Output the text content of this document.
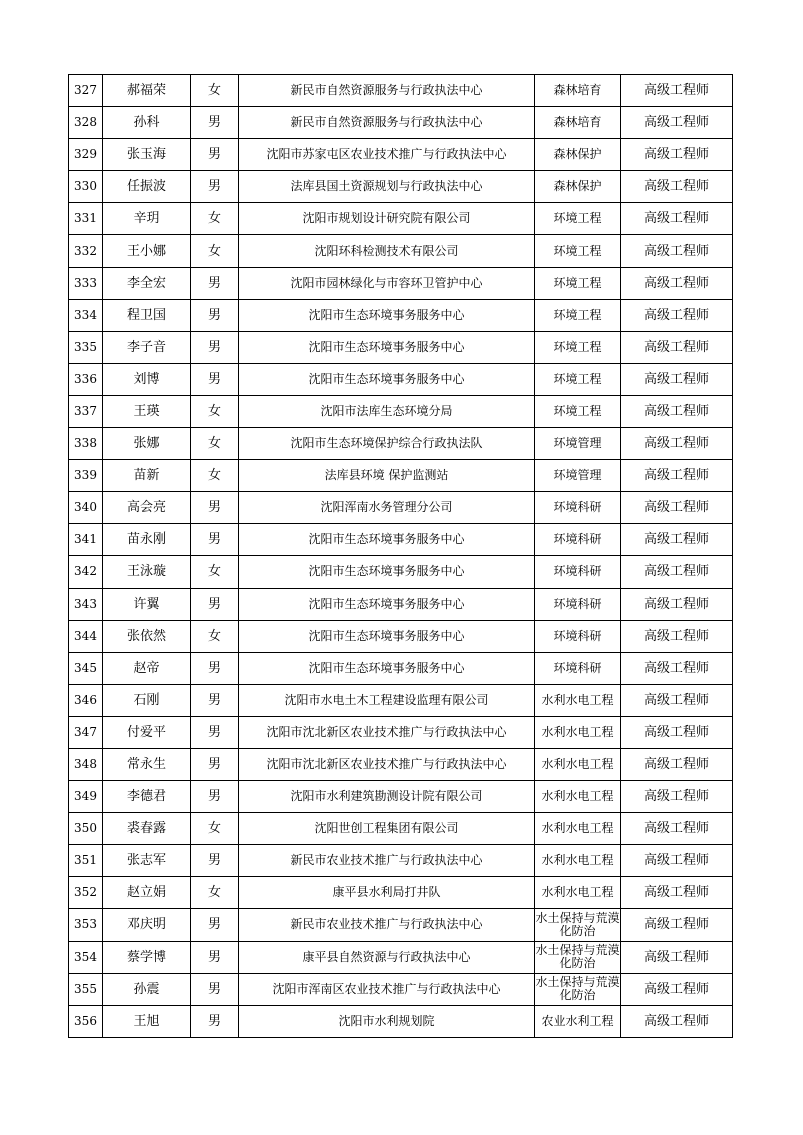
327	郝福荣	女	新民市自然资源服务与行政执法中心	森林培育	高级工程师
328	孙科	男	新民市自然资源服务与行政执法中心	森林培育	高级工程师
329	张玉海	男	沈阳市苏家屯区农业技术推广与行政执法中心	森林保护	高级工程师
330	任振波	男	法库县国土资源规划与行政执法中心	森林保护	高级工程师
331	辛玥	女	沈阳市规划设计研究院有限公司	环境工程	高级工程师
332	王小娜	女	沈阳环科检测技术有限公司	环境工程	高级工程师
333	李全宏	男	沈阳市园林绿化与市容环卫管护中心	环境工程	高级工程师
334	程卫国	男	沈阳市生态环境事务服务中心	环境工程	高级工程师
335	李子音	男	沈阳市生态环境事务服务中心	环境工程	高级工程师
336	刘博	男	沈阳市生态环境事务服务中心	环境工程	高级工程师
337	王瑛	女	沈阳市法库生态环境分局	环境工程	高级工程师
338	张娜	女	沈阳市生态环境保护综合行政执法队	环境管理	高级工程师
339	苗新	女	法库县环境 保护监测站	环境管理	高级工程师
340	高会亮	男	沈阳浑南水务管理分公司	环境科研	高级工程师
341	苗永刚	男	沈阳市生态环境事务服务中心	环境科研	高级工程师
342	王泳璇	女	沈阳市生态环境事务服务中心	环境科研	高级工程师
343	许翼	男	沈阳市生态环境事务服务中心	环境科研	高级工程师
344	张依然	女	沈阳市生态环境事务服务中心	环境科研	高级工程师
345	赵帝	男	沈阳市生态环境事务服务中心	环境科研	高级工程师
346	石刚	男	沈阳市水电土木工程建设监理有限公司	水利水电工程	高级工程师
347	付爱平	男	沈阳市沈北新区农业技术推广与行政执法中心	水利水电工程	高级工程师
348	常永生	男	沈阳市沈北新区农业技术推广与行政执法中心	水利水电工程	高级工程师
349	李德君	男	沈阳市水利建筑勘测设计院有限公司	水利水电工程	高级工程师
350	裘春露	女	沈阳世创工程集团有限公司	水利水电工程	高级工程师
351	张志军	男	新民市农业技术推广与行政执法中心	水利水电工程	高级工程师
352	赵立娟	女	康平县水利局打井队	水利水电工程	高级工程师
353	邓庆明	男	新民市农业技术推广与行政执法中心	水土保持与荒漠化防治	高级工程师
354	蔡学博	男	康平县自然资源与行政执法中心	水土保持与荒漠化防治	高级工程师
355	孙震	男	沈阳市浑南区农业技术推广与行政执法中心	水土保持与荒漠化防治	高级工程师
356	王旭	男	沈阳市水利规划院	农业水利工程	高级工程师
